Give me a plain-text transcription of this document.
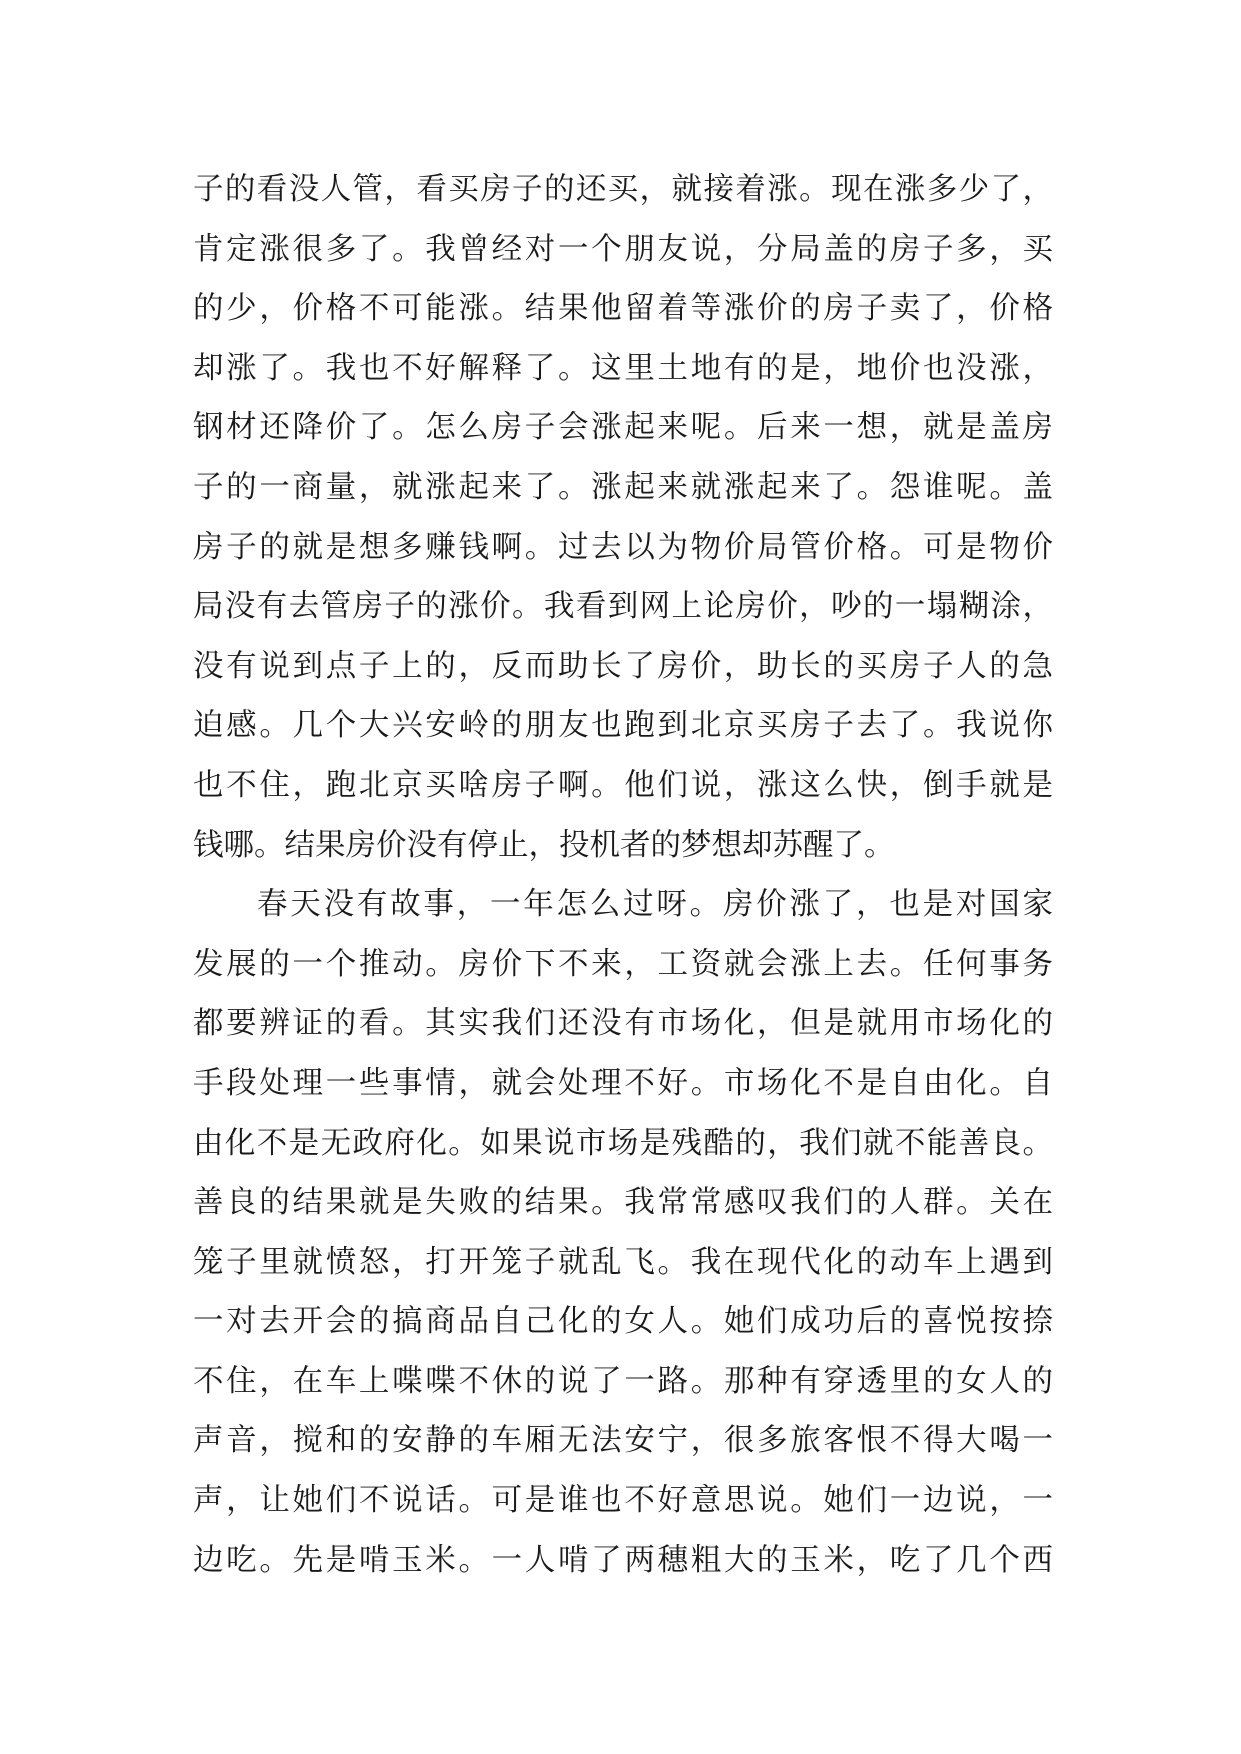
子的看没人管，看买房子的还买，就接着涨。现在涨多少了，
肯定涨很多了。我曾经对一个朋友说，分局盖的房子多，买
的少，价格不可能涨。结果他留着等涨价的房子卖了，价格
却涨了。我也不好解释了。这里土地有的是，地价也没涨，
钢材还降价了。怎么房子会涨起来呢。后来一想，就是盖房
子的一商量，就涨起来了。涨起来就涨起来了。怨谁呢。盖
房子的就是想多赚钱啊。过去以为物价局管价格。可是物价
局没有去管房子的涨价。我看到网上论房价，吵的一塌糊涂，
没有说到点子上的，反而助长了房价，助长的买房子人的急
迫感。几个大兴安岭的朋友也跑到北京买房子去了。我说你
也不住，跑北京买啥房子啊。他们说，涨这么快，倒手就是
钱哪。结果房价没有停止，投机者的梦想却苏醒了。
春天没有故事，一年怎么过呀。房价涨了，也是对国家
发展的一个推动。房价下不来，工资就会涨上去。任何事务
都要辨证的看。其实我们还没有市场化，但是就用市场化的
手段处理一些事情，就会处理不好。市场化不是自由化。自
由化不是无政府化。如果说市场是残酷的，我们就不能善良。
善良的结果就是失败的结果。我常常感叹我们的人群。关在
笼子里就愤怒，打开笼子就乱飞。我在现代化的动车上遇到
一对去开会的搞商品自己化的女人。她们成功后的喜悦按捺
不住，在车上喋喋不休的说了一路。那种有穿透里的女人的
声音，搅和的安静的车厢无法安宁，很多旅客恨不得大喝一
声，让她们不说话。可是谁也不好意思说。她们一边说，一
边吃。先是啃玉米。一人啃了两穗粗大的玉米，吃了几个西
